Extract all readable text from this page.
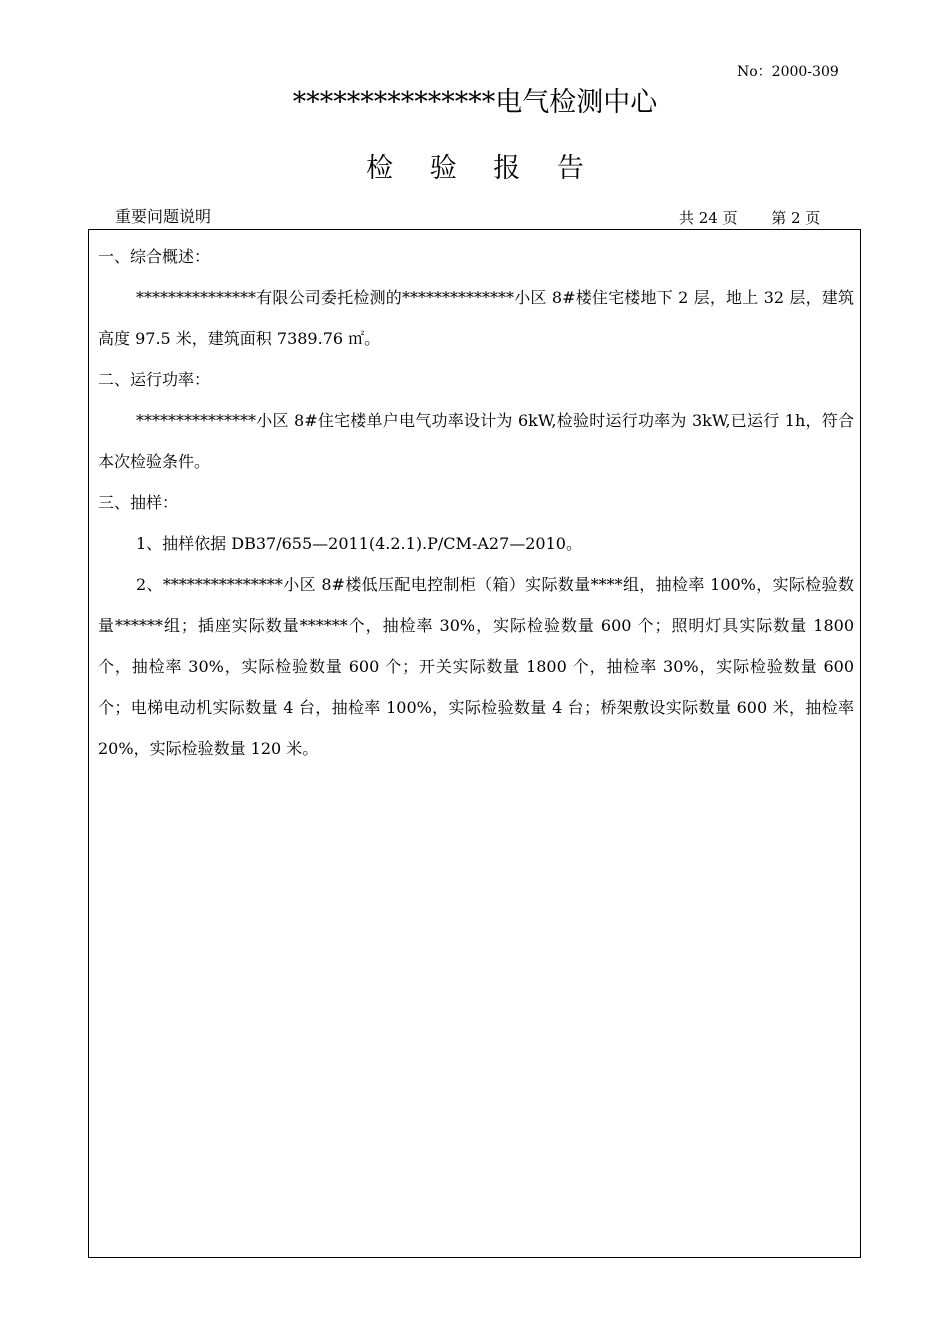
No：2000-309
***************电气检测中心
检 验 报 告
重要问题说明	共 24 页 第 2 页

一、综合概述：

***************有限公司委托检测的**************小区 8#楼住宅楼地下 2 层，地上 32 层，建筑高度 97.5 米，建筑面积 7389.76 ㎡。

二、运行功率：

***************小区 8#住宅楼单户电气功率设计为 6kW,检验时运行功率为 3kW,已运行 1h，符合本次检验条件。

三、抽样：

1、抽样依据 DB37/655—2011(4.2.1).P/CM-A27—2010。

2、***************小区 8#楼低压配电控制柜（箱）实际数量****组，抽检率 100%，实际检验数量******组；插座实际数量******个，抽检率 30%，实际检验数量 600 个；照明灯具实际数量 1800 个，抽检率 30%，实际检验数量 600 个；开关实际数量 1800 个，抽检率 30%，实际检验数量 600 个；电梯电动机实际数量 4 台，抽检率 100%，实际检验数量 4 台；桥架敷设实际数量 600 米，抽检率 20%，实际检验数量 120 米。
